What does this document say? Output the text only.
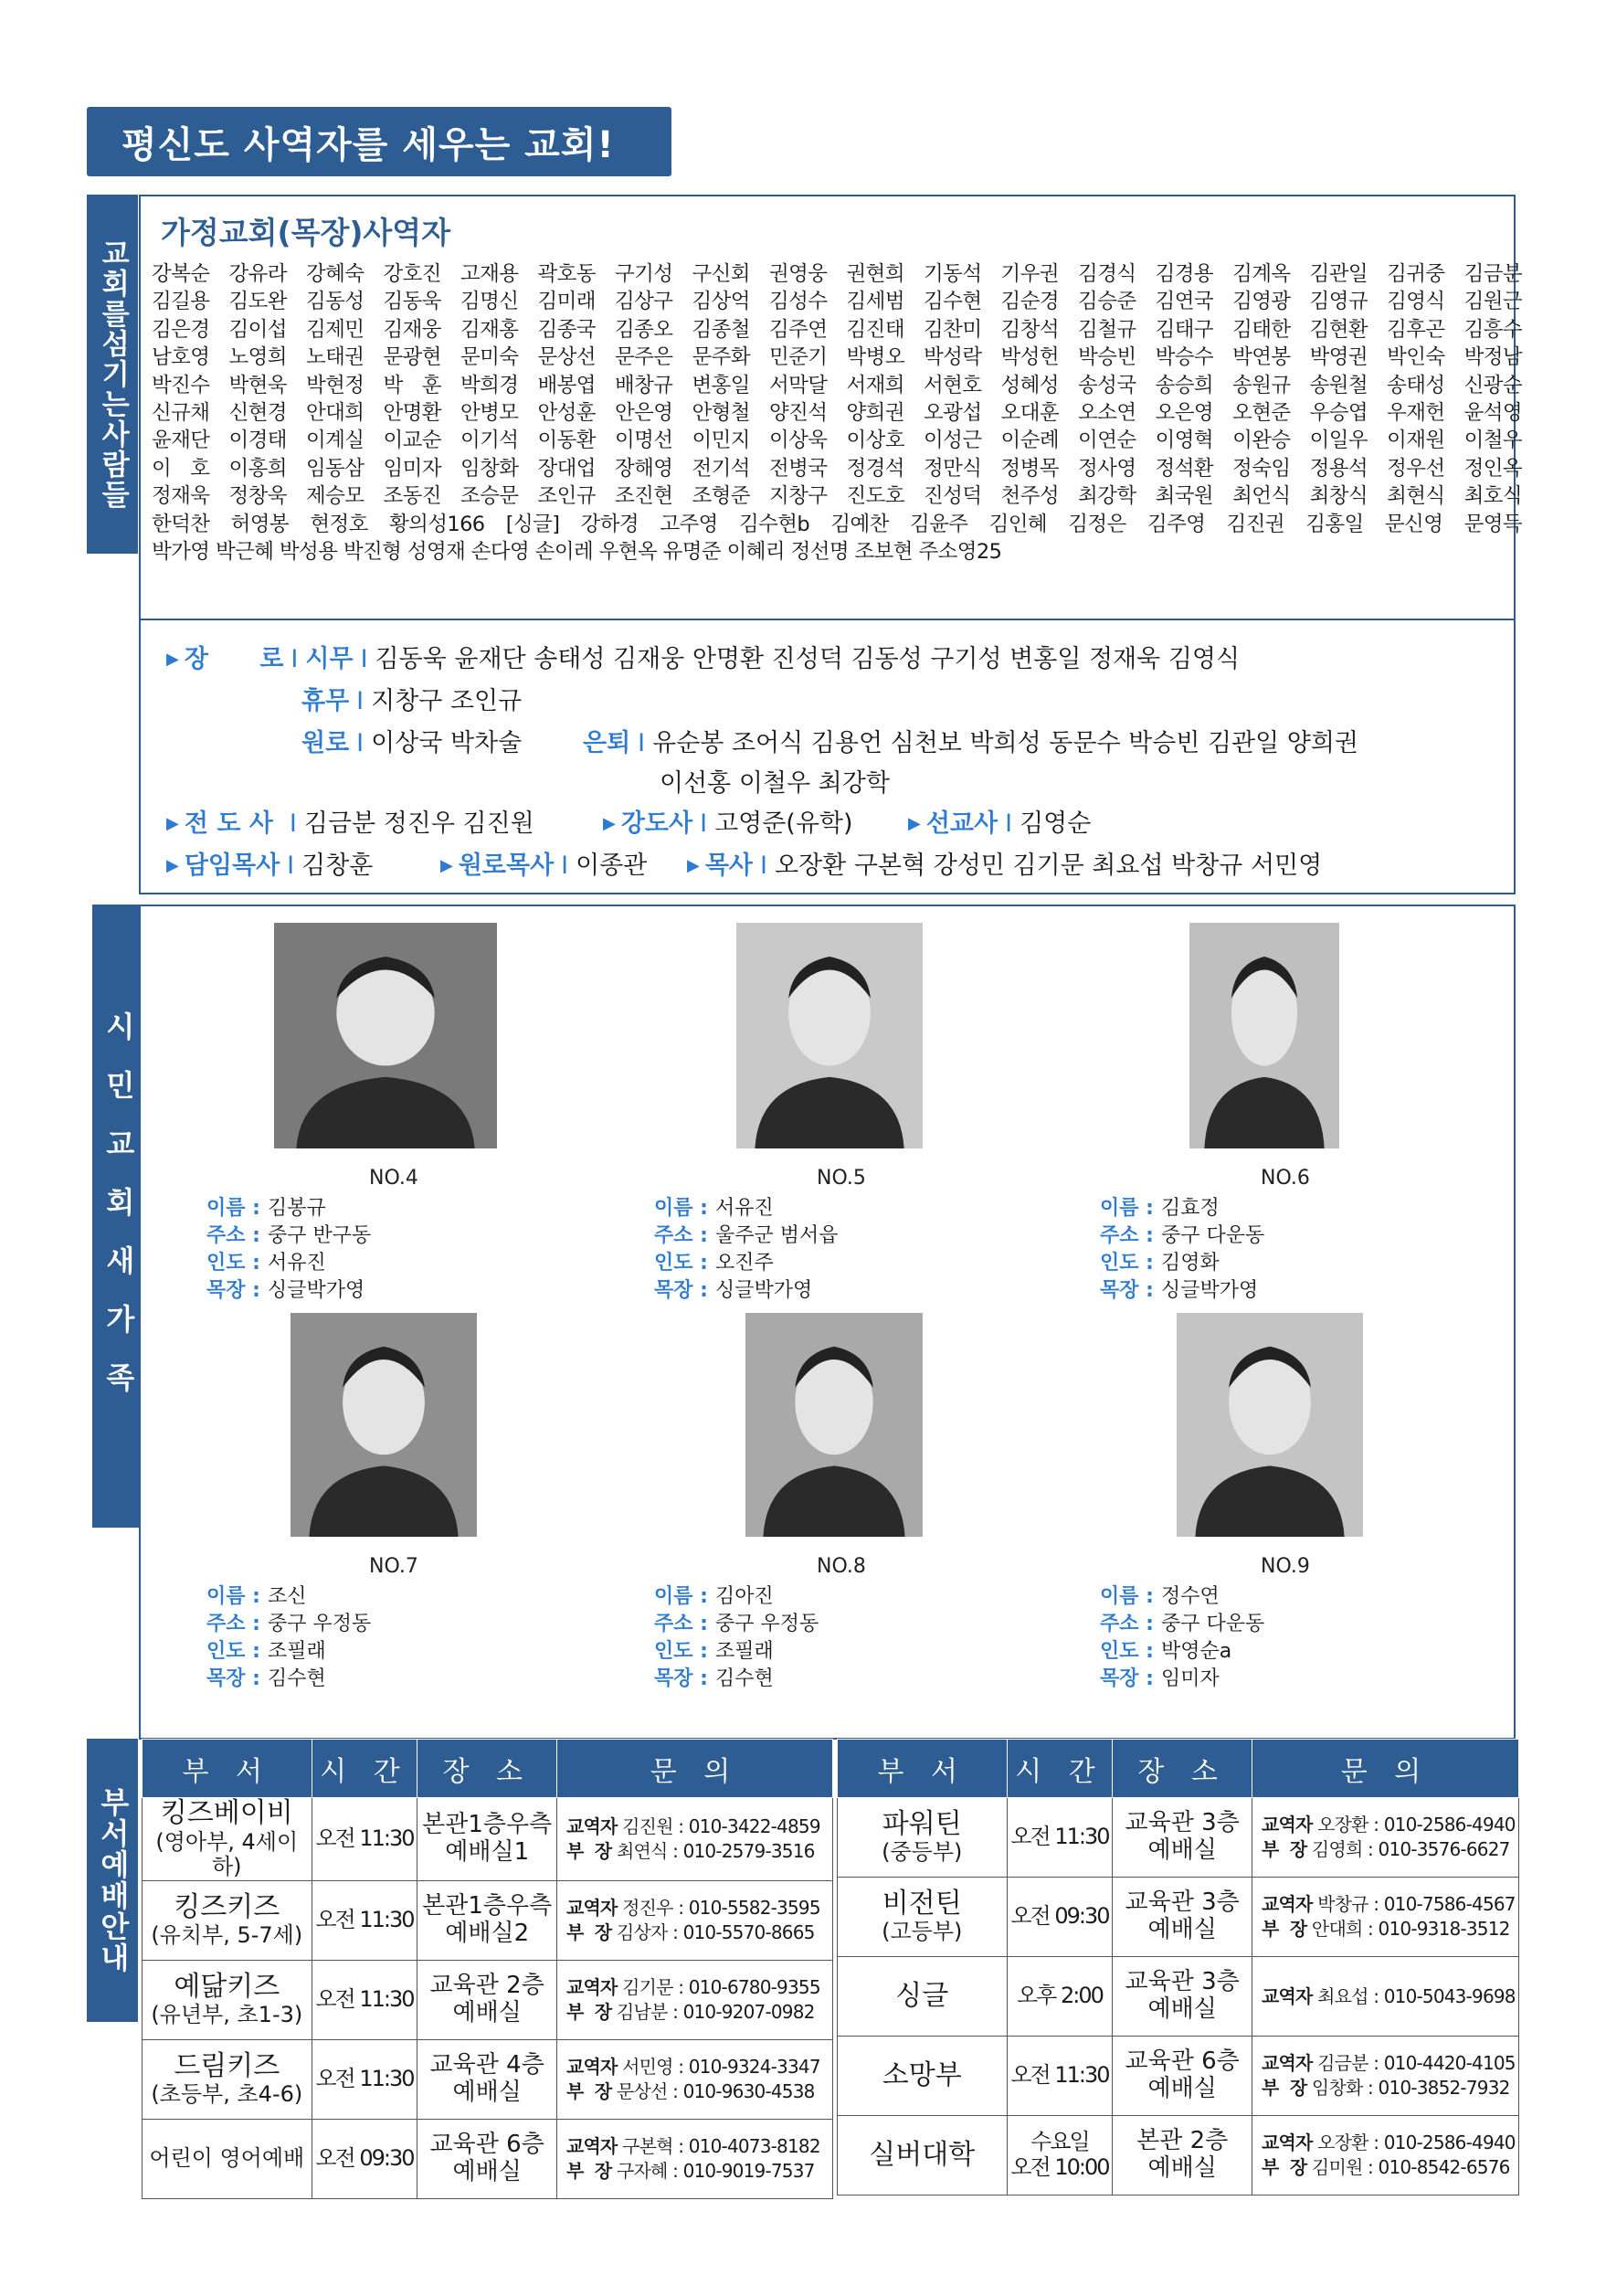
평신도 사역자를 세우는 교회!
교회를섬기는사람들
가정교회(목장)사역자
강복순 강유라 강혜숙 강호진 고재용 곽호동 구기성 구신회 권영웅 권현희 기동석 기우권 김경식 김경용 김계옥 김관일 김귀중 김금분
김길용 김도완 김동성 김동욱 김명신 김미래 김상구 김상억 김성수 김세범 김수현 김순경 김승준 김연국 김영광 김영규 김영식 김원근
김은경 김이섭 김제민 김재웅 김재홍 김종국 김종오 김종철 김주연 김진태 김찬미 김창석 김철규 김태구 김태한 김현환 김후곤 김흥수
남호영 노영희 노태권 문광현 문미숙 문상선 문주은 문주화 민준기 박병오 박성락 박성헌 박승빈 박승수 박연봉 박영권 박인숙 박정남
박진수 박현욱 박현정 박 훈 박희경 배봉엽 배창규 변홍일 서막달 서재희 서현호 성혜성 송성국 송승희 송원규 송원철 송태성 신광순
신규채 신현경 안대희 안명환 안병모 안성훈 안은영 안형철 양진석 양희권 오광섭 오대훈 오소연 오은영 오현준 우승엽 우재헌 윤석영
윤재단 이경태 이계실 이교순 이기석 이동환 이명선 이민지 이상욱 이상호 이성근 이순례 이연순 이영혁 이완승 이일우 이재원 이철우
이 호 이홍희 임동삼 임미자 임창화 장대업 장해영 전기석 전병국 정경석 정만식 정병목 정사영 정석환 정숙임 정용석 정우선 정인옥
정재욱 정창욱 제승모 조동진 조승문 조인규 조진현 조형준 지창구 진도호 진성덕 천주성 최강학 최국원 최언식 최창식 최현식 최호식
한덕찬 허영봉 현정호 황의성166 [싱글] 강하경 고주영 김수현b 김예찬 김윤주 김인혜 김정은 김주영 김진권 김홍일 문신영 문영득
박가영 박근혜 박성용 박진형 성영재 손다영 손이레 우현옥 유명준 이혜리 정선명 조보현 주소영25
▶ 장      로 I 시무 I 김동욱 윤재단 송태성 김재웅 안명환 진성덕 김동성 구기성 변홍일 정재욱 김영식
휴무 I 지창구 조인규
원로 I 이상국 박차술 은퇴 I 유순봉 조어식 김용언 심천보 박희성 동문수 박승빈 김관일 양희권
이선홍 이철우 최강학
▶ 전 도 사 I 김금분 정진우 김진원	▶ 강도사 I 고영준(유학)	▶ 선교사 I 김영순
▶ 담임목사 I 김창훈	▶ 원로목사 I 이종관 ▶ 목사 I 오장환 구본혁 강성민 김기문 최요섭 박창규 서민영
시민교회새가족	NO.4
이름 : 김봉규
주소 : 중구 반구동
인도 : 서유진
목장 : 싱글박가영
NO.5
이름 : 서유진
주소 : 울주군 범서읍
인도 : 오진주
목장 : 싱글박가영
NO.6
이름 : 김효정
주소 : 중구 다운동
인도 : 김영화
목장 : 싱글박가영
NO.7
이름 : 조신
주소 : 중구 우정동
인도 : 조필래
목장 : 김수현
NO.8
이름 : 김아진
주소 : 중구 우정동
인도 : 조필래
목장 : 김수현
NO.9
이름 : 정수연
주소 : 중구 다운동
인도 : 박영순a
목장 : 임미자
부서예배안내
부 서	시 간	장 소	문 의
킹즈베이비
(영아부, 4세이하)	오전 11:30	본관1층우측
예배실1	교역자 김진원 : 010-3422-4859
부  장 최연식 : 010-2579-3516
킹즈키즈
(유치부, 5-7세)	오전 11:30	본관1층우측
예배실2	교역자 정진우 : 010-5582-3595
부  장 김상자 : 010-5570-8665
예닮키즈
(유년부, 초1-3)	오전 11:30	교육관 2층
예배실	교역자 김기문 : 010-6780-9355
부  장 김남분 : 010-9207-0982
드림키즈
(초등부, 초4-6)	오전 11:30	교육관 4층
예배실	교역자 서민영 : 010-9324-3347
부  장 문상선 : 010-9630-4538
어린이 영어예배	오전 09:30	교육관 6층
예배실	교역자 구본혁 : 010-4073-8182
부  장 구자혜 : 010-9019-7537
부 서	시 간	장 소	문 의
파워틴
(중등부)	오전 11:30	교육관 3층
예배실	교역자 오장환 : 010-2586-4940
부  장 김영희 : 010-3576-6627
비전틴
(고등부)	오전 09:30	교육관 3층
예배실	교역자 박창규 : 010-7586-4567
부  장 안대희 : 010-9318-3512
싱글	오후 2:00	교육관 3층
예배실	교역자 최요섭 : 010-5043-9698
소망부	오전 11:30	교육관 6층
예배실	교역자 김금분 : 010-4420-4105
부  장 임창화 : 010-3852-7932
실버대학	수요일
오전 10:00	본관 2층
예배실	교역자 오장환 : 010-2586-4940
부  장 김미원 : 010-8542-6576
